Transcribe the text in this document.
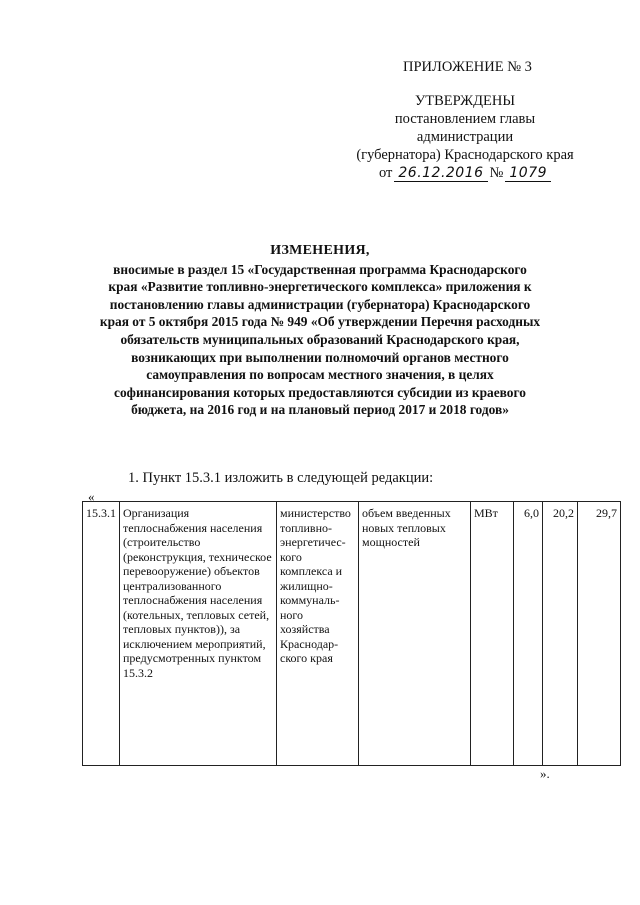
ПРИЛОЖЕНИЕ № 3
УТВЕРЖДЕНЫ
постановлением главы
администрации
(губернатора) Краснодарского края
от 26.12.2016 № 1079
ИЗМЕНЕНИЯ,
вносимые в раздел 15 «Государственная программа Краснодарского
края «Развитие топливно-энергетического комплекса» приложения к
постановлению главы администрации (губернатора) Краснодарского
края от 5 октября 2015 года № 949 «Об утверждении Перечня расходных
обязательств муниципальных образований Краснодарского края,
возникающих при выполнении полномочий органов местного
самоуправления по вопросам местного значения, в целях
софинансирования которых предоставляются субсидии из краевого
бюджета, на 2016 год и на плановый период 2017 и 2018 годов»
1. Пункт 15.3.1 изложить в следующей редакции:
«
15.3.1	Организация теплоснабжения населения (строительство (реконструкция, техническое перевооружение) объектов централизованного теплоснабжения населения (котельных, тепловых сетей, тепловых пунктов)), за исключением мероприятий, предусмотренных пунктом 15.3.2	министерство топливно-энергетичес-кого комплекса и жилищно-коммуналь-ного хозяйства Краснодар-ского края	объем введенных новых тепловых мощностей	МВт	6,0	20,2	29,7
».
